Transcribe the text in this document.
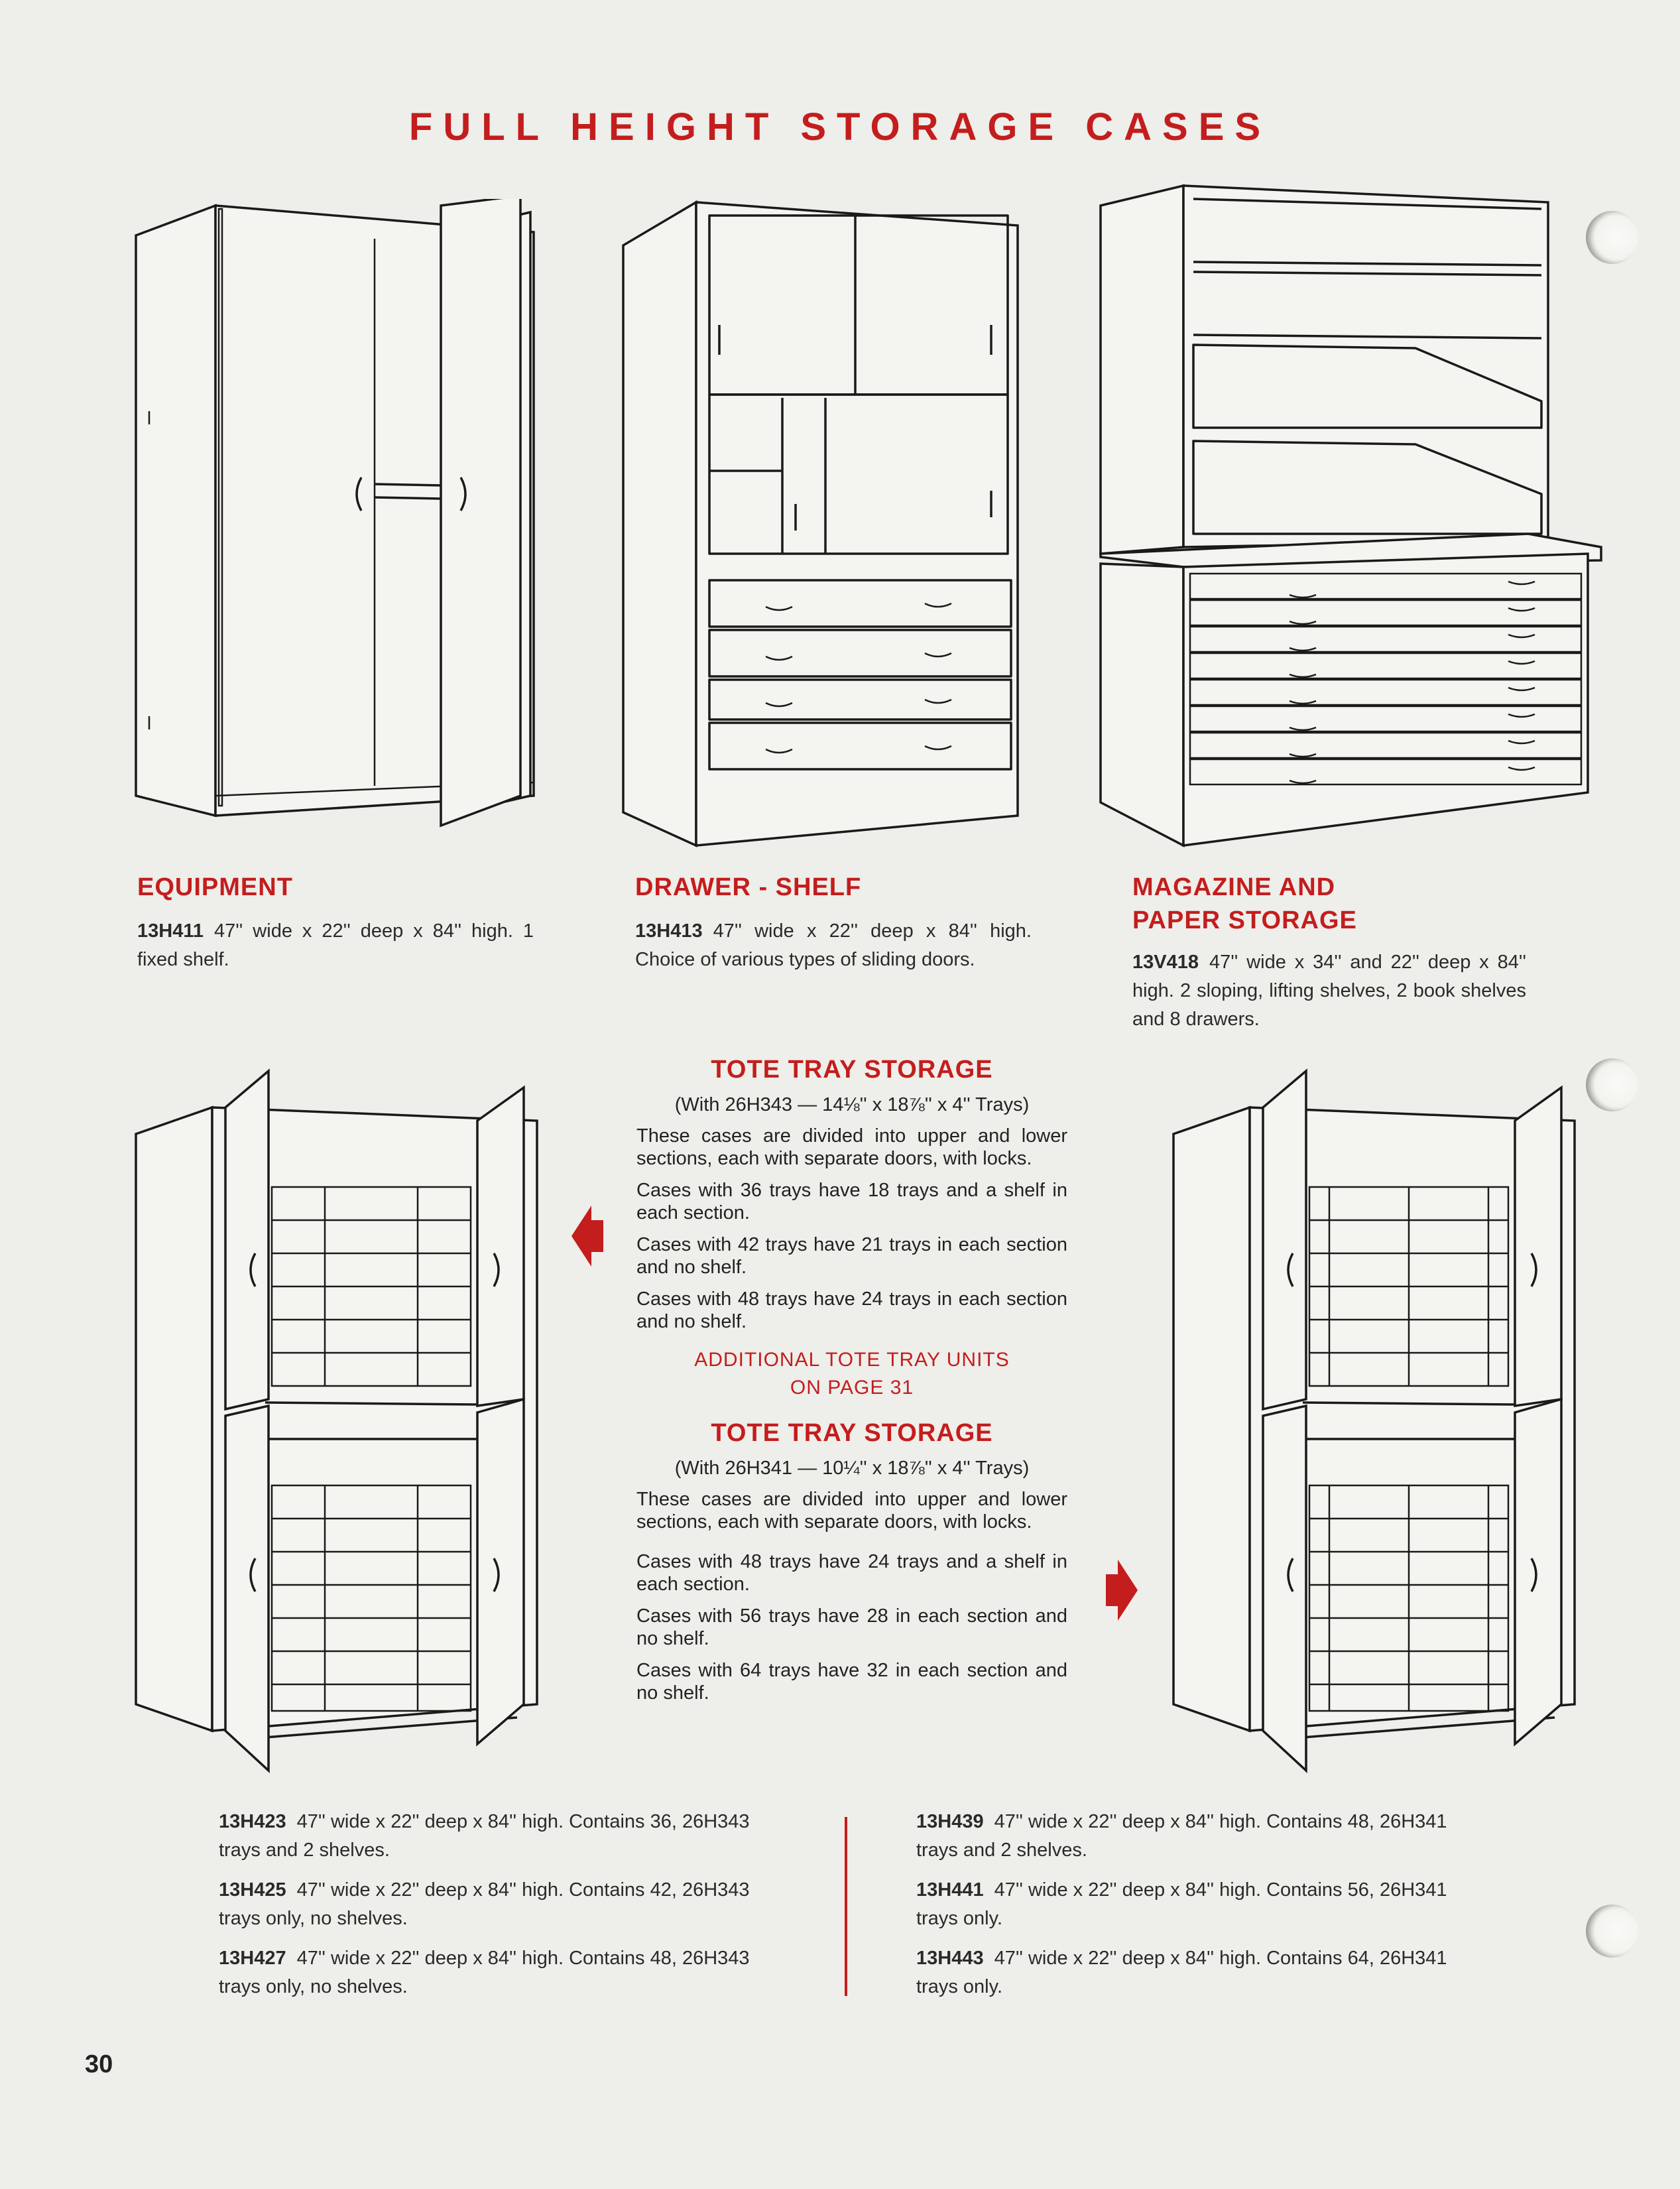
FULL HEIGHT STORAGE CASES
EQUIPMENT	DRAWER - SHELF	MAGAZINE AND
PAPER STORAGE
13H411 47'' wide x 22'' deep x 84'' high. 1 fixed shelf.
13H413 47'' wide x 22'' deep x 84'' high. Choice of various types of sliding doors.	13V418 47'' wide x 34'' and 22'' deep x 84'' high. 2 sloping, lifting shelves, 2 book shelves and 8 drawers.
TOTE TRAY STORAGE
(With 26H343 — 14⅛'' x 18⅞'' x 4'' Trays)

These cases are divided into upper and lower sections, each with separate doors, with locks.

Cases with 36 trays have 18 trays and a shelf in each section.

Cases with 42 trays have 21 trays in each section and no shelf.

Cases with 48 trays have 24 trays in each section and no shelf.

ADDITIONAL TOTE TRAY UNITS
ON PAGE 31
TOTE TRAY STORAGE
(With 26H341 — 10¼'' x 18⅞'' x 4'' Trays)

These cases are divided into upper and lower sections, each with separate doors, with locks.

Cases with 48 trays have 24 trays and a shelf in each section.

Cases with 56 trays have 28 in each section and no shelf.

Cases with 64 trays have 32 in each section and no shelf.

13H423 47'' wide x 22'' deep x 84'' high. Contains 36, 26H343 trays and 2 shelves.
13H425 47'' wide x 22'' deep x 84'' high. Contains 42, 26H343 trays only, no shelves.
13H427 47'' wide x 22'' deep x 84'' high. Contains 48, 26H343 trays only, no shelves.
13H439 47'' wide x 22'' deep x 84'' high. Contains 48, 26H341 trays and 2 shelves.
13H441 47'' wide x 22'' deep x 84'' high. Contains 56, 26H341 trays only.
13H443 47'' wide x 22'' deep x 84'' high. Contains 64, 26H341 trays only.
30
